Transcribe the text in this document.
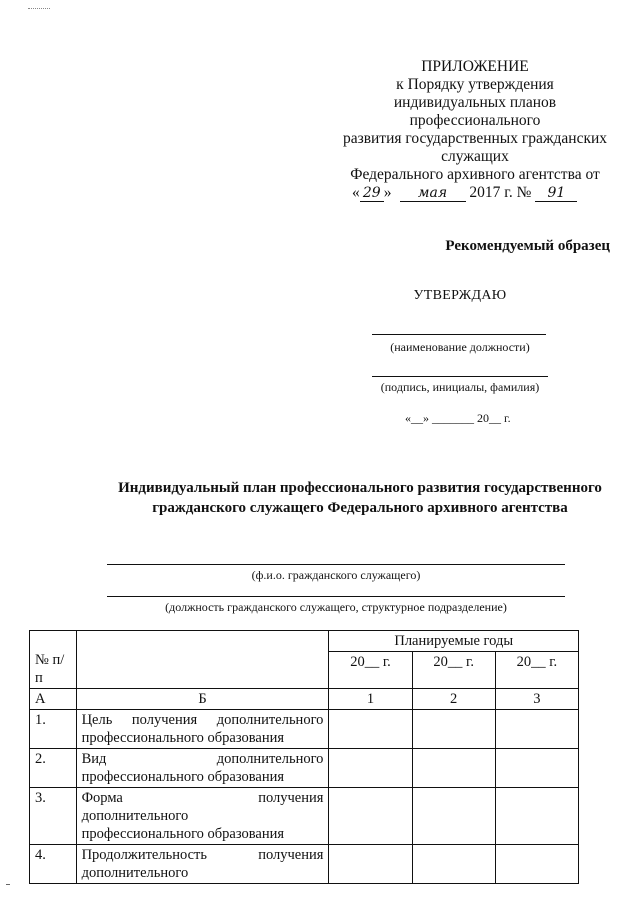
ПРИЛОЖЕНИЕ
к Порядку утверждения
индивидуальных планов
профессионального
развития государственных гражданских
служащих
Федерального архивного агентства от
« 29 » мая 2017 г. № 91
Рекомендуемый образец
УТВЕРЖДАЮ
(наименование должности)
(подпись, инициалы, фамилия)
«__» _______ 20__ г.
Индивидуальный план профессионального развития государственного
гражданского служащего Федерального архивного агентства
(ф.и.о. гражданского служащего)
(должность гражданского служащего, структурное подразделение)
№ п/п		Планируемые годы		
		20__ г.	20__ г.	20__ г.
А	Б	1	2	3
1.	Цель получения дополнительного
профессионального образования			

2.	Вид дополнительного
профессионального образования			

3.	Форма получения
дополнительного
профессионального образования			

4.	Продолжительность получения
дополнительного			
